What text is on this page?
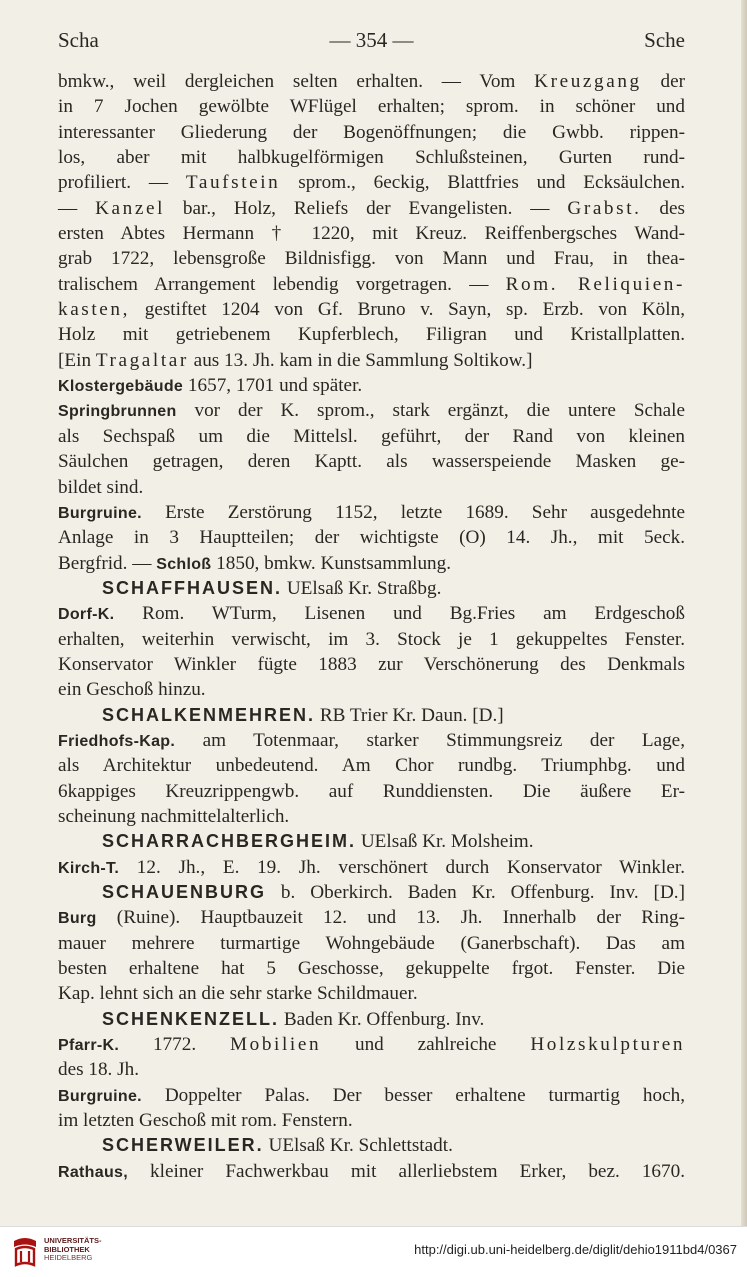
Scha	— 354 —	Sche
bmkw., weil dergleichen selten erhalten. — Vom Kreuzgang der
in 7 Jochen gewölbte WFlügel erhalten; sprom. in schöner und
interessanter Gliederung der Bogenöffnungen; die Gwbb. rippen-
los, aber mit halbkugelförmigen Schlußsteinen, Gurten rund-
profiliert. — Taufstein sprom., 6eckig, Blattfries und Ecksäulchen.
— Kanzel bar., Holz, Reliefs der Evangelisten. — Grabst. des
ersten Abtes Hermann † 1220, mit Kreuz. Reiffenbergsches Wand-
grab 1722, lebensgroße Bildnisfigg. von Mann und Frau, in thea-
tralischem Arrangement lebendig vorgetragen. — Rom. Reliquien-
kasten, gestiftet 1204 von Gf. Bruno v. Sayn, sp. Erzb. von Köln,
Holz mit getriebenem Kupferblech, Filigran und Kristallplatten.
[Ein Tragaltar aus 13. Jh. kam in die Sammlung Soltikow.]
Klostergebäude 1657, 1701 und später.
Springbrunnen vor der K. sprom., stark ergänzt, die untere Schale
als Sechspaß um die Mittelsl. geführt, der Rand von kleinen
Säulchen getragen, deren Kaptt. als wasserspeiende Masken ge-
bildet sind.
Burgruine. Erste Zerstörung 1152, letzte 1689. Sehr ausgedehnte
Anlage in 3 Hauptteilen; der wichtigste (O) 14. Jh., mit 5eck.
Bergfrid. — Schloß 1850, bmkw. Kunstsammlung.
SCHAFFHAUSEN. UElsaß Kr. Straßbg.
Dorf-K. Rom. WTurm, Lisenen und Bg.Fries am Erdgeschoß
erhalten, weiterhin verwischt, im 3. Stock je 1 gekuppeltes Fenster.
Konservator Winkler fügte 1883 zur Verschönerung des Denkmals
ein Geschoß hinzu.
SCHALKENMEHREN. RB Trier Kr. Daun. [D.]
Friedhofs-Kap. am Totenmaar, starker Stimmungsreiz der Lage,
als Architektur unbedeutend. Am Chor rundbg. Triumphbg. und
6kappiges Kreuzrippengwb. auf Runddiensten. Die äußere Er-
scheinung nachmittelalterlich.
SCHARRACHBERGHEIM. UElsaß Kr. Molsheim.
Kirch-T. 12. Jh., E. 19. Jh. verschönert durch Konservator Winkler.
SCHAUENBURG b. Oberkirch. Baden Kr. Offenburg. Inv. [D.]
Burg (Ruine). Hauptbauzeit 12. und 13. Jh. Innerhalb der Ring-
mauer mehrere turmartige Wohngebäude (Ganerbschaft). Das am
besten erhaltene hat 5 Geschosse, gekuppelte frgot. Fenster. Die
Kap. lehnt sich an die sehr starke Schildmauer.
SCHENKENZELL. Baden Kr. Offenburg. Inv.
Pfarr-K. 1772. Mobilien und zahlreiche Holzskulpturen
des 18. Jh.
Burgruine. Doppelter Palas. Der besser erhaltene turmartig hoch,
im letzten Geschoß mit rom. Fenstern.
SCHERWEILER. UElsaß Kr. Schlettstadt.
Rathaus, kleiner Fachwerkbau mit allerliebstem Erker, bez. 1670.
UNIVERSITÄTS-
BIBLIOTHEK
HEIDELBERG
http://digi.ub.uni-heidelberg.de/diglit/dehio1911bd4/0367
